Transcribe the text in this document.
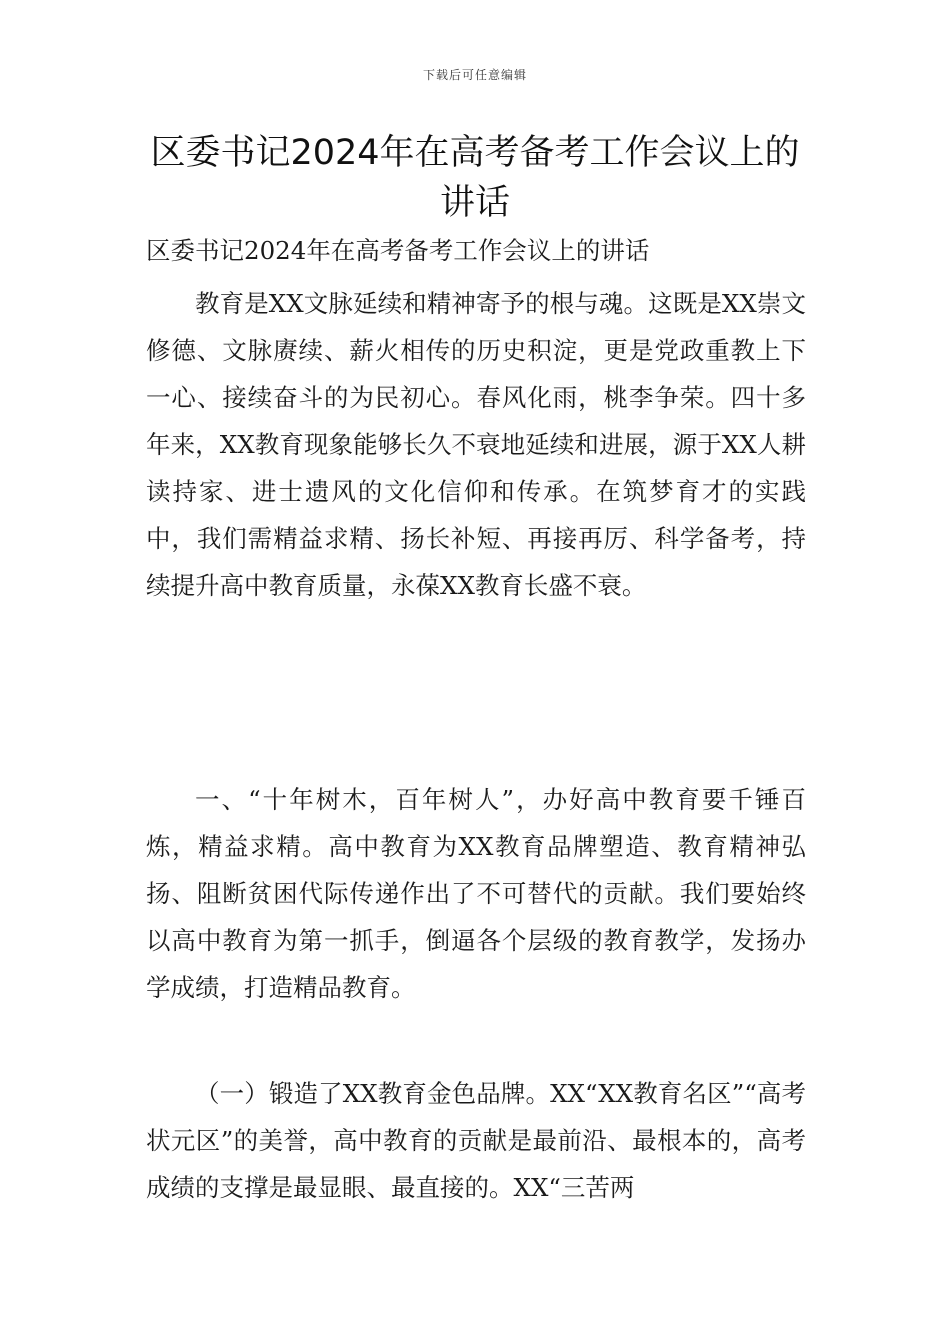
下载后可任意编辑
区委书记2024年在高考备考工作会议上的讲话

区委书记2024年在高考备考工作会议上的讲话

教育是XX文脉延续和精神寄予的根与魂。这既是XX崇文修德、文脉赓续、薪火相传的历史积淀，更是党政重教上下一心、接续奋斗的为民初心。春风化雨，桃李争荣。四十多年来，XX教育现象能够长久不衰地延续和进展，源于XX人耕读持家、进士遗风的文化信仰和传承。在筑梦育才的实践中，我们需精益求精、扬长补短、再接再厉、科学备考，持续提升高中教育质量，永葆XX教育长盛不衰。

一、“十年树木，百年树人”，办好高中教育要千锤百炼，精益求精。高中教育为XX教育品牌塑造、教育精神弘扬、阻断贫困代际传递作出了不可替代的贡献。我们要始终以高中教育为第一抓手，倒逼各个层级的教育教学，发扬办学成绩，打造精品教育。

（一）锻造了XX教育金色品牌。XX“XX教育名区”“高考状元区”的美誉，高中教育的贡献是最前沿、最根本的，高考成绩的支撑是最显眼、最直接的。XX“三苦两
